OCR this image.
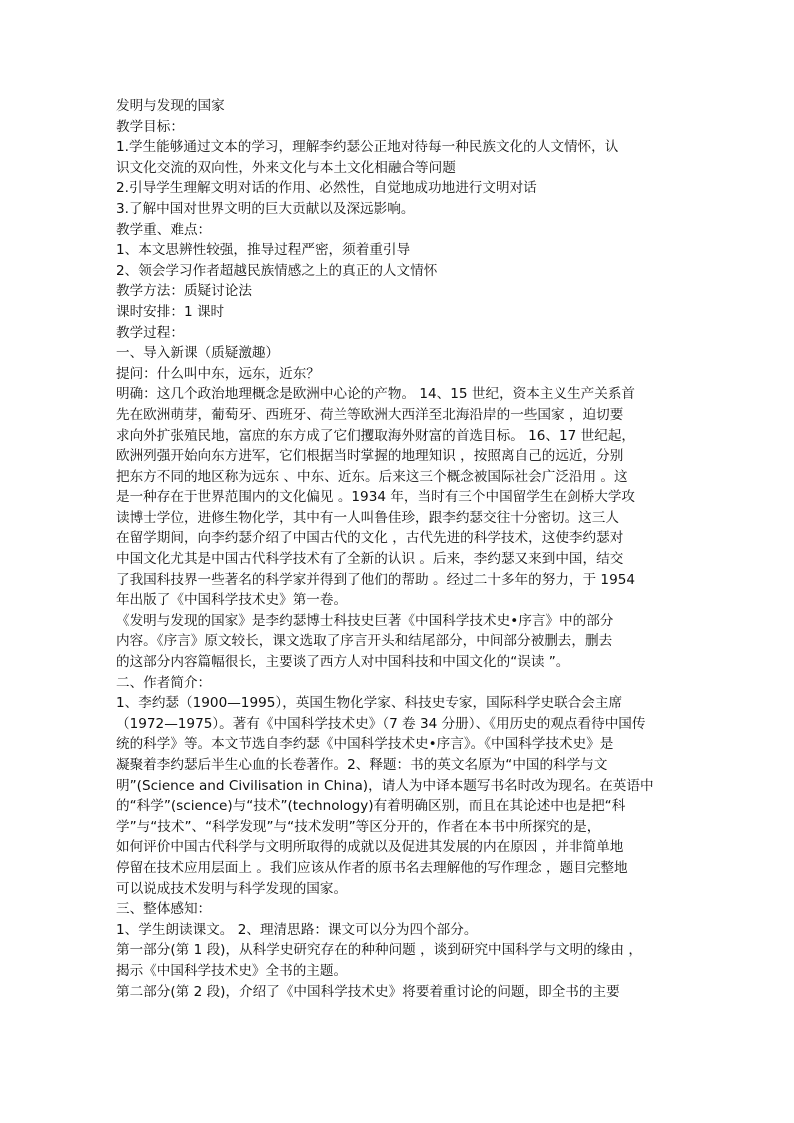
发明与发现的国家

教学目标：

1.学生能够通过文本的学习，理解李约瑟公正地对待每一种民族文化的人文情怀，认

识文化交流的双向性，外来文化与本土文化相融合等问题

2.引导学生理解文明对话的作用、必然性，自觉地成功地进行文明对话

3.了解中国对世界文明的巨大贡献以及深远影响。

教学重、难点：

1、本文思辨性较强，推导过程严密，须着重引导

2、领会学习作者超越民族情感之上的真正的人文情怀

教学方法：质疑讨论法

课时安排：1 课时

教学过程：

一、导入新课（质疑激趣）

提问：什么叫中东，远东，近东？

明确：这几个政治地理概念是欧洲中心论的产物。 14、15 世纪，资本主义生产关系首

先在欧洲萌芽，葡萄牙、西班牙、荷兰等欧洲大西洋至北海沿岸的一些国家 ，迫切要

求向外扩张殖民地，富庶的东方成了它们攫取海外财富的首选目标。 16、17 世纪起，

欧洲列强开始向东方进军，它们根据当时掌握的地理知识 ，按照离自己的远近，分别

把东方不同的地区称为远东 、中东、近东。后来这三个概念被国际社会广泛沿用 。这

是一种存在于世界范围内的文化偏见 。1934 年，当时有三个中国留学生在剑桥大学攻

读博士学位，进修生物化学，其中有一人叫鲁佳珍，跟李约瑟交往十分密切。这三人

在留学期间，向李约瑟介绍了中国古代的文化 ，古代先进的科学技术，这使李约瑟对

中国文化尤其是中国古代科学技术有了全新的认识 。后来，李约瑟又来到中国，结交

了我国科技界一些著名的科学家并得到了他们的帮助 。经过二十多年的努力，于 1954

年出版了《中国科学技术史》第一卷。

《发明与发现的国家》是李约瑟博士科技史巨著《中国科学技术史•序言》中的部分

内容。《序言》原文较长，课文选取了序言开头和结尾部分，中间部分被删去，删去

的这部分内容篇幅很长，主要谈了西方人对中国科技和中国文化的“误读 ”。

二、作者简介：

1、李约瑟（1900—1995），英国生物化学家、科技史专家，国际科学史联合会主席

（1972—1975）。著有《中国科学技术史》（7 卷 34 分册）、《用历史的观点看待中国传

统的科学》等。本文节选自李约瑟《中国科学技术史•序言》。《中国科学技术史》是

凝聚着李约瑟后半生心血的长卷著作。2、释题：书的英文名原为“中国的科学与文

明”(Science and Civilisation in China)，请人为中译本题写书名时改为现名。在英语中

的“科学”(science)与“技术”(technology)有着明确区别，而且在其论述中也是把“科

学”与“技术”、“科学发现”与“技术发明”等区分开的，作者在本书中所探究的是，

如何评价中国古代科学与文明所取得的成就以及促进其发展的内在原因 ，并非简单地

停留在技术应用层面上 。我们应该从作者的原书名去理解他的写作理念 ，题目完整地

可以说成技术发明与科学发现的国家。

三、整体感知：

1、学生朗读课文。 2、理清思路：课文可以分为四个部分。

第一部分(第 1 段)，从科学史研究存在的种种问题 ，谈到研究中国科学与文明的缘由 ，

揭示《中国科学技术史》全书的主题。

第二部分(第 2 段)，介绍了《中国科学技术史》将要着重讨论的问题，即全书的主要
